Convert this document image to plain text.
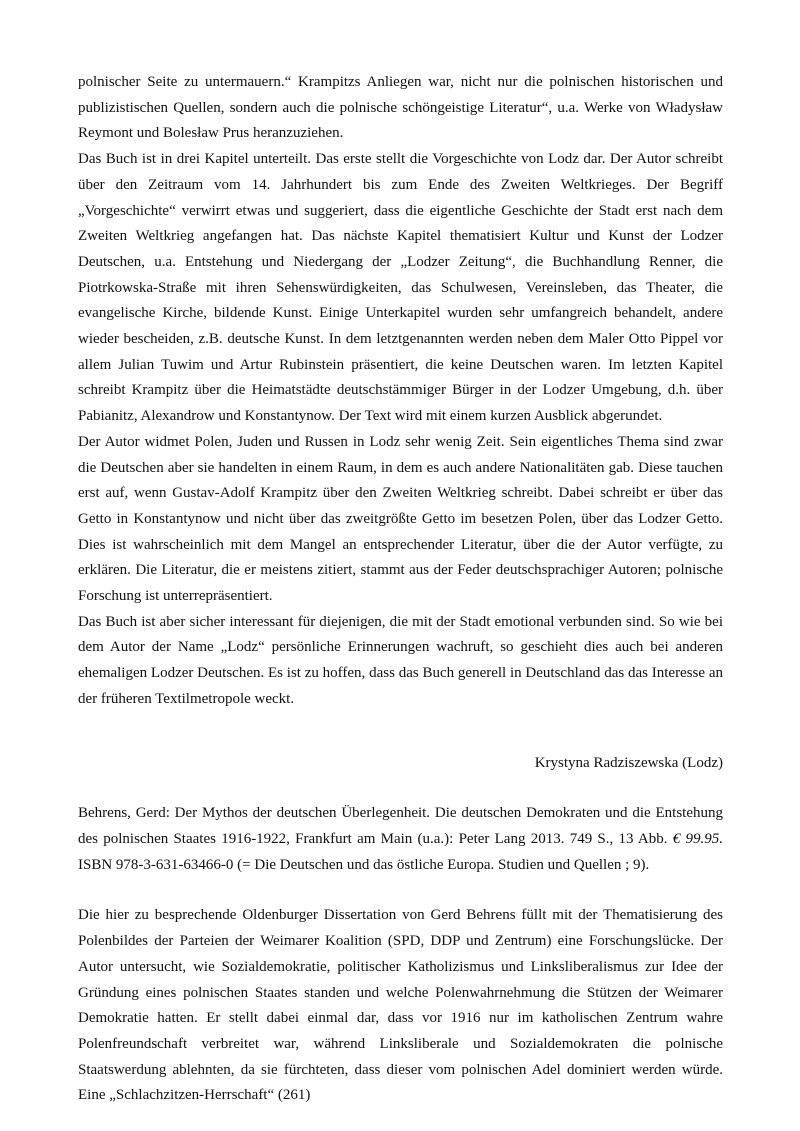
polnischer Seite zu untermauern.“ Krampitzs Anliegen war, nicht nur die polnischen historischen und publizistischen Quellen, sondern auch die polnische schöngeistige Literatur“, u.a. Werke von Władysław Reymont und Bolesław Prus heranzuziehen.

Das Buch ist in drei Kapitel unterteilt. Das erste stellt die Vorgeschichte von Lodz dar. Der Autor schreibt über den Zeitraum vom 14. Jahrhundert bis zum Ende des Zweiten Weltkrieges. Der Begriff „Vorgeschichte“ verwirrt etwas und suggeriert, dass die eigentliche Geschichte der Stadt erst nach dem Zweiten Weltkrieg angefangen hat. Das nächste Kapitel thematisiert Kultur und Kunst der Lodzer Deutschen, u.a. Entstehung und Niedergang der „Lodzer Zeitung“, die Buchhandlung Renner, die Piotrkowska-Straße mit ihren Sehenswürdigkeiten, das Schulwesen, Vereinsleben, das Theater, die evangelische Kirche, bildende Kunst. Einige Unterkapitel wurden sehr umfangreich behandelt, andere wieder bescheiden, z.B. deutsche Kunst. In dem letztgenannten werden neben dem Maler Otto Pippel vor allem Julian Tuwim und Artur Rubinstein präsentiert, die keine Deutschen waren. Im letzten Kapitel schreibt Krampitz über die Heimatstädte deutschstämmiger Bürger in der Lodzer Umgebung, d.h. über Pabianitz, Alexandrow und Konstantynow. Der Text wird mit einem kurzen Ausblick abgerundet.

Der Autor widmet Polen, Juden und Russen in Lodz sehr wenig Zeit. Sein eigentliches Thema sind zwar die Deutschen aber sie handelten in einem Raum, in dem es auch andere Nationalitäten gab. Diese tauchen erst auf, wenn Gustav-Adolf Krampitz über den Zweiten Weltkrieg schreibt. Dabei schreibt er über das Getto in Konstantynow und nicht über das zweitgrößte Getto im besetzen Polen, über das Lodzer Getto. Dies ist wahrscheinlich mit dem Mangel an entsprechender Literatur, über die der Autor verfügte, zu erklären. Die Literatur, die er meistens zitiert, stammt aus der Feder deutschsprachiger Autoren; polnische Forschung ist unterrepräsentiert.

Das Buch ist aber sicher interessant für diejenigen, die mit der Stadt emotional verbunden sind. So wie bei dem Autor der Name „Lodz“ persönliche Erinnerungen wachruft, so geschieht dies auch bei anderen ehemaligen Lodzer Deutschen. Es ist zu hoffen, dass das Buch generell in Deutschland das das Interesse an der früheren Textilmetropole weckt.

Krystyna Radziszewska (Lodz)

Behrens, Gerd: Der Mythos der deutschen Überlegenheit. Die deutschen Demokraten und die Entstehung des polnischen Staates 1916-1922, Frankfurt am Main (u.a.): Peter Lang 2013. 749 S., 13 Abb. € 99.95. ISBN 978-3-631-63466-0 (= Die Deutschen und das östliche Europa. Studien und Quellen ; 9).

Die hier zu besprechende Oldenburger Dissertation von Gerd Behrens füllt mit der Thematisierung des Polenbildes der Parteien der Weimarer Koalition (SPD, DDP und Zentrum) eine Forschungslücke. Der Autor untersucht, wie Sozialdemokratie, politischer Katholizismus und Linksliberalismus zur Idee der Gründung eines polnischen Staates standen und welche Polenwahrnehmung die Stützen der Weimarer Demokratie hatten. Er stellt dabei einmal dar, dass vor 1916 nur im katholischen Zentrum wahre Polenfreundschaft verbreitet war, während Linksliberale und Sozialdemokraten die polnische Staatswerdung ablehnten, da sie fürchteten, dass dieser vom polnischen Adel dominiert werden würde. Eine „Schlachzitzen-Herrschaft“ (261)
